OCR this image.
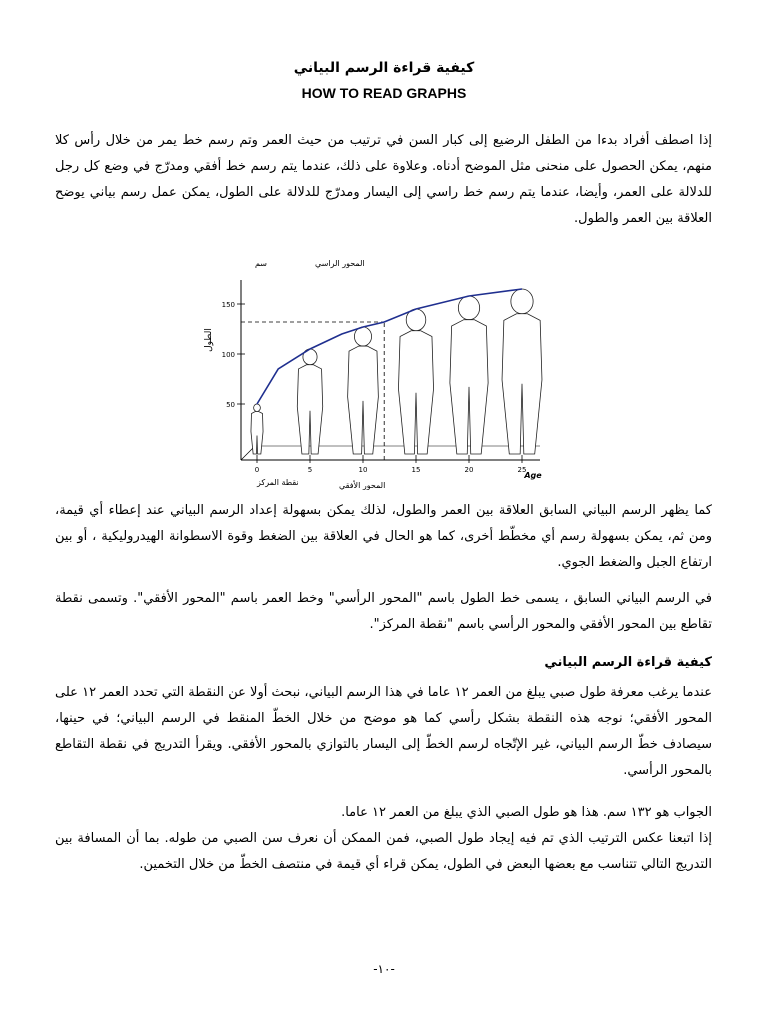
كيفية قراءة الرسم البياني
HOW TO READ GRAPHS
إذا اصطف أفراد بدءا من الطفل الرضيع إلى كبار السن في ترتيب من حيث العمر وتم رسم خط يمر من خلال رأس كلا منهم، يمكن الحصول على منحنى مثل الموضح أدناه. وعلاوة على ذلك، عندما يتم رسم خط أفقي ومدرّج في وضع كل رجل للدلالة على العمر، وأيضا، عندما يتم رسم خط راسي إلى اليسار ومدرّج للدلالة على الطول، يمكن عمل رسم بياني يوضح العلاقة بين العمر والطول.
150
100
50
0	5	10	15	20	25
المحور الراسي
سم
الطول
المحور الأفقي
نقطة المركز
Age
كما يظهر الرسم البياني السابق العلاقة بين العمر والطول، لذلك يمكن بسهولة إعداد الرسم البياني عند إعطاء أي قيمة، ومن ثم، يمكن بسهولة رسم أي مخطّط أخرى، كما هو الحال في العلاقة بين الضغط وقوة الاسطوانة الهيدروليكية ، أو بين ارتفاع الجبل والضغط الجوي.
في الرسم البياني السابق ، يسمى خط الطول باسم "المحور الرأسي" وخط العمر باسم "المحور الأفقي". وتسمى نقطة تقاطع بين المحور الأفقي والمحور الرأسي باسم "نقطة المركز".
كيفية قراءة الرسم البياني
عندما يرغب معرفة طول صبي يبلغ من العمر ١٢ عاما في هذا الرسم البياني، نبحث أولا عن النقطة التي تحدد العمر ١٢ على المحور الأفقي؛ نوجه هذه النقطة بشكل رأسي كما هو موضح من خلال الخطّ المنقط في الرسم البياني؛ في حينها، سيصادف خطّ الرسم البياني، غير الإتّجاه لرسم الخطّ إلى اليسار بالتوازي بالمحور الأفقي. ويقرأ التدريج في نقطة التقاطع بالمحور الرأسي.
الجواب هو ١٣٢ سم. هذا هو طول الصبي الذي يبلغ من العمر ١٢ عاما.
إذا اتبعنا عكس الترتيب الذي تم فيه إيجاد طول الصبي، فمن الممكن أن نعرف سن الصبي من طوله. بما أن المسافة بين التدريج التالي تتناسب مع بعضها البعض في الطول، يمكن قراء أي قيمة في منتصف الخطّ من خلال التخمين.
-١٠-
